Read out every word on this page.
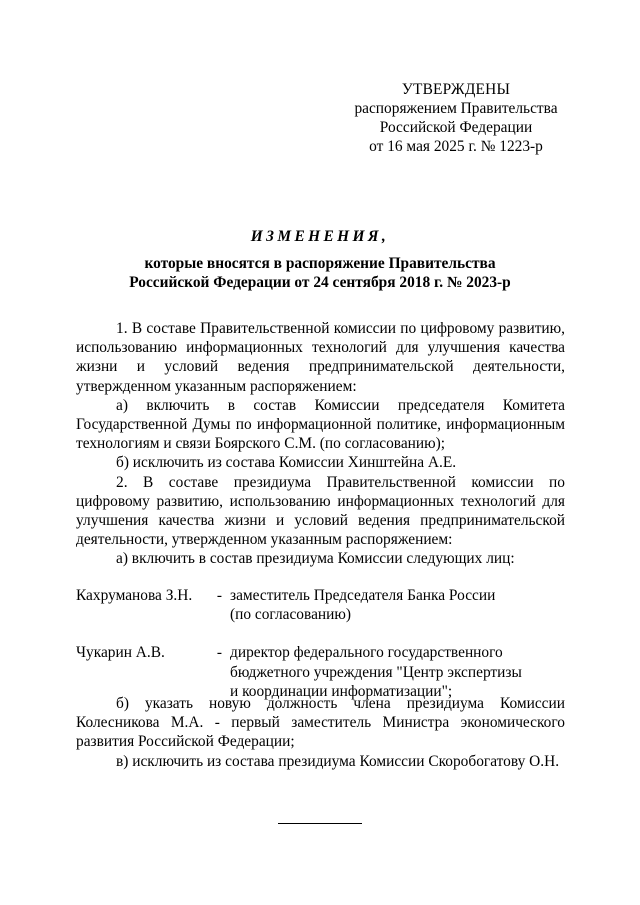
УТВЕРЖДЕНЫ
распоряжением Правительства
Российской Федерации
от 16 мая 2025 г. № 1223-р
ИЗМЕНЕНИЯ,
которые вносятся в распоряжение Правительства
Российской Федерации от 24 сентября 2018 г. № 2023-р

1. В составе Правительственной комиссии по цифровому развитию, использованию информационных технологий для улучшения качества жизни и условий ведения предпринимательской деятельности, утвержденном указанным распоряжением:

а) включить в состав Комиссии председателя Комитета Государственной Думы по информационной политике, информационным технологиям и связи Боярского С.М. (по согласованию);

б) исключить из состава Комиссии Хинштейна А.Е.

2. В составе президиума Правительственной комиссии по цифровому развитию, использованию информационных технологий для улучшения качества жизни и условий ведения предпринимательской деятельности, утвержденном указанным распоряжением:

а) включить в состав президиума Комиссии следующих лиц:

Кахруманова З.Н.	- заместитель Председателя Банка России
(по согласованию)
Чукарин А.В.	- директор федерального государственного
бюджетного учреждения "Центр экспертизы
и координации информатизации";

б) указать новую должность члена президиума Комиссии Колесникова М.А. - первый заместитель Министра экономического развития Российской Федерации;

в) исключить из состава президиума Комиссии Скоробогатову О.Н.
